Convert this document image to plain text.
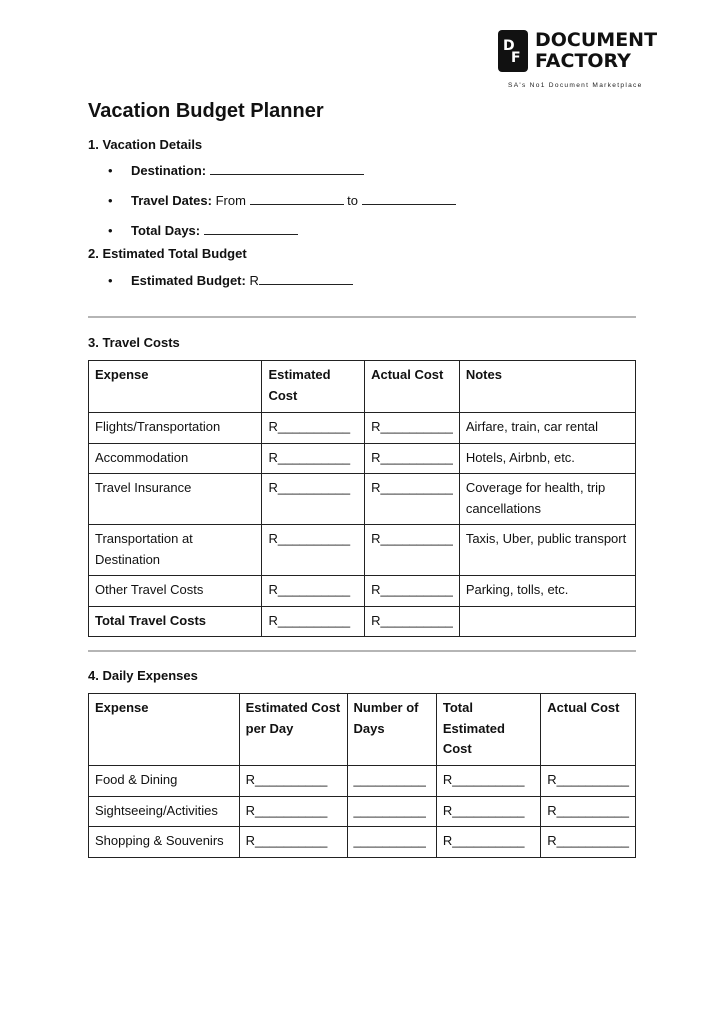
D
F
DOCUMENT
FACTORY
SA's No1 Document Marketplace
Vacation Budget Planner

1. Vacation Details

• Destination:
• Travel Dates: From	to
• Total Days:

2. Estimated Total Budget

• Estimated Budget: R

3. Travel Costs

Expense	Estimated Cost	Actual Cost	Notes
Flights/Transportation	R__________	R__________	Airfare, train, car rental
Accommodation	R__________	R__________	Hotels, Airbnb, etc.
Travel Insurance	R__________	R__________	Coverage for health, trip cancellations
Transportation at Destination	R__________	R__________	Taxis, Uber, public transport
Other Travel Costs	R__________	R__________	Parking, tolls, etc.
Total Travel Costs	R__________	R__________	

4. Daily Expenses

Expense	Estimated Cost per Day	Number of Days	Total Estimated Cost	Actual Cost
Food & Dining	R__________	__________	R__________	R__________
Sightseeing/Activities	R__________	__________	R__________	R__________
Shopping & Souvenirs	R__________	__________	R__________	R__________
